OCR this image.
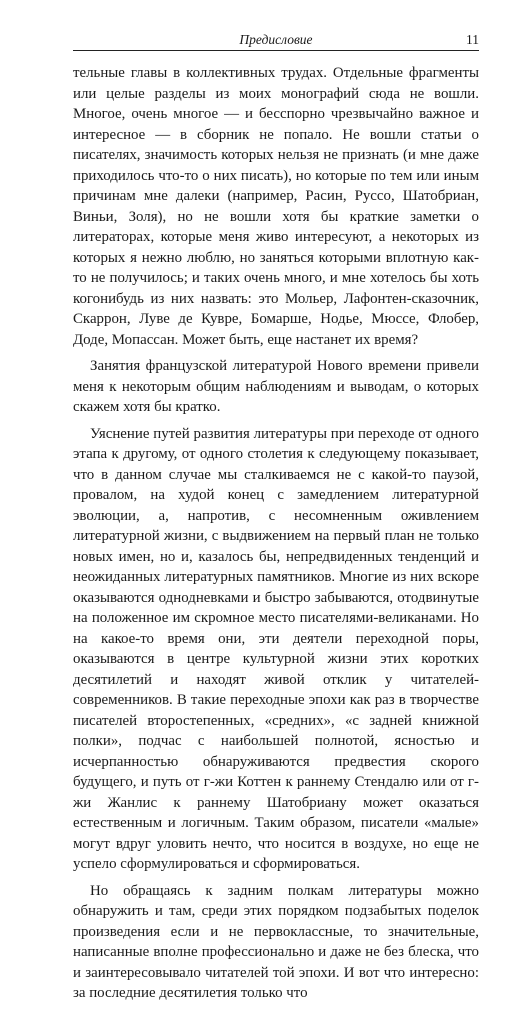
Предисловие	11

тельные главы в коллективных трудах. Отдельные фрагменты или целые разделы из моих монографий сюда не вошли. Многое, очень многое — и бесспорно чрезвычайно важное и интересное — в сборник не попало. Не вошли статьи о писателях, значимость которых нельзя не признать (и мне даже приходилось что-то о них писать), но которые по тем или иным причинам мне далеки (например, Расин, Руссо, Шатобриан, Виньи, Золя), но не вошли хотя бы краткие заметки о литераторах, которые меня живо интересуют, а некоторых из которых я нежно люблю, но заняться которыми вплотную как-то не получилось; и таких очень много, и мне хотелось бы хоть когонибудь из них назвать: это Мольер, Лафонтен-сказочник, Скаррон, Луве де Кувре, Бомарше, Нодье, Мюссе, Флобер, Доде, Мопассан. Может быть, еще настанет их время?

Занятия французской литературой Нового времени привели меня к некоторым общим наблюдениям и выводам, о которых скажем хотя бы кратко.

Уяснение путей развития литературы при переходе от одного этапа к другому, от одного столетия к следующему показывает, что в данном случае мы сталкиваемся не с какой-то паузой, провалом, на худой конец с замедлением литературной эволюции, а, напротив, с несомненным оживлением литературной жизни, с выдвижением на первый план не только новых имен, но и, казалось бы, непредвиденных тенденций и неожиданных литературных памятников. Многие из них вскоре оказываются однодневками и быстро забываются, отодвинутые на положенное им скромное место писателями-великанами. Но на какое-то время они, эти деятели переходной поры, оказываются в центре культурной жизни этих коротких десятилетий и находят живой отклик у читателей-современников. В такие переходные эпохи как раз в творчестве писателей второстепенных, «средних», «с задней книжной полки», подчас с наибольшей полнотой, ясностью и исчерпанностью обнаруживаются предвестия скорого будущего, и путь от г-жи Коттен к раннему Стендалю или от г-жи Жанлис к раннему Шатобриану может оказаться естественным и логичным. Таким образом, писатели «малые» могут вдруг уловить нечто, что носится в воздухе, но еще не успело сформулироваться и сформироваться.

Но обращаясь к задним полкам литературы можно обнаружить и там, среди этих порядком подзабытых поделок произведения если и не первоклассные, то значительные, написанные вполне профессионально и даже не без блеска, что и заинтересовывало читателей той эпохи. И вот что интересно: за последние десятилетия только что
